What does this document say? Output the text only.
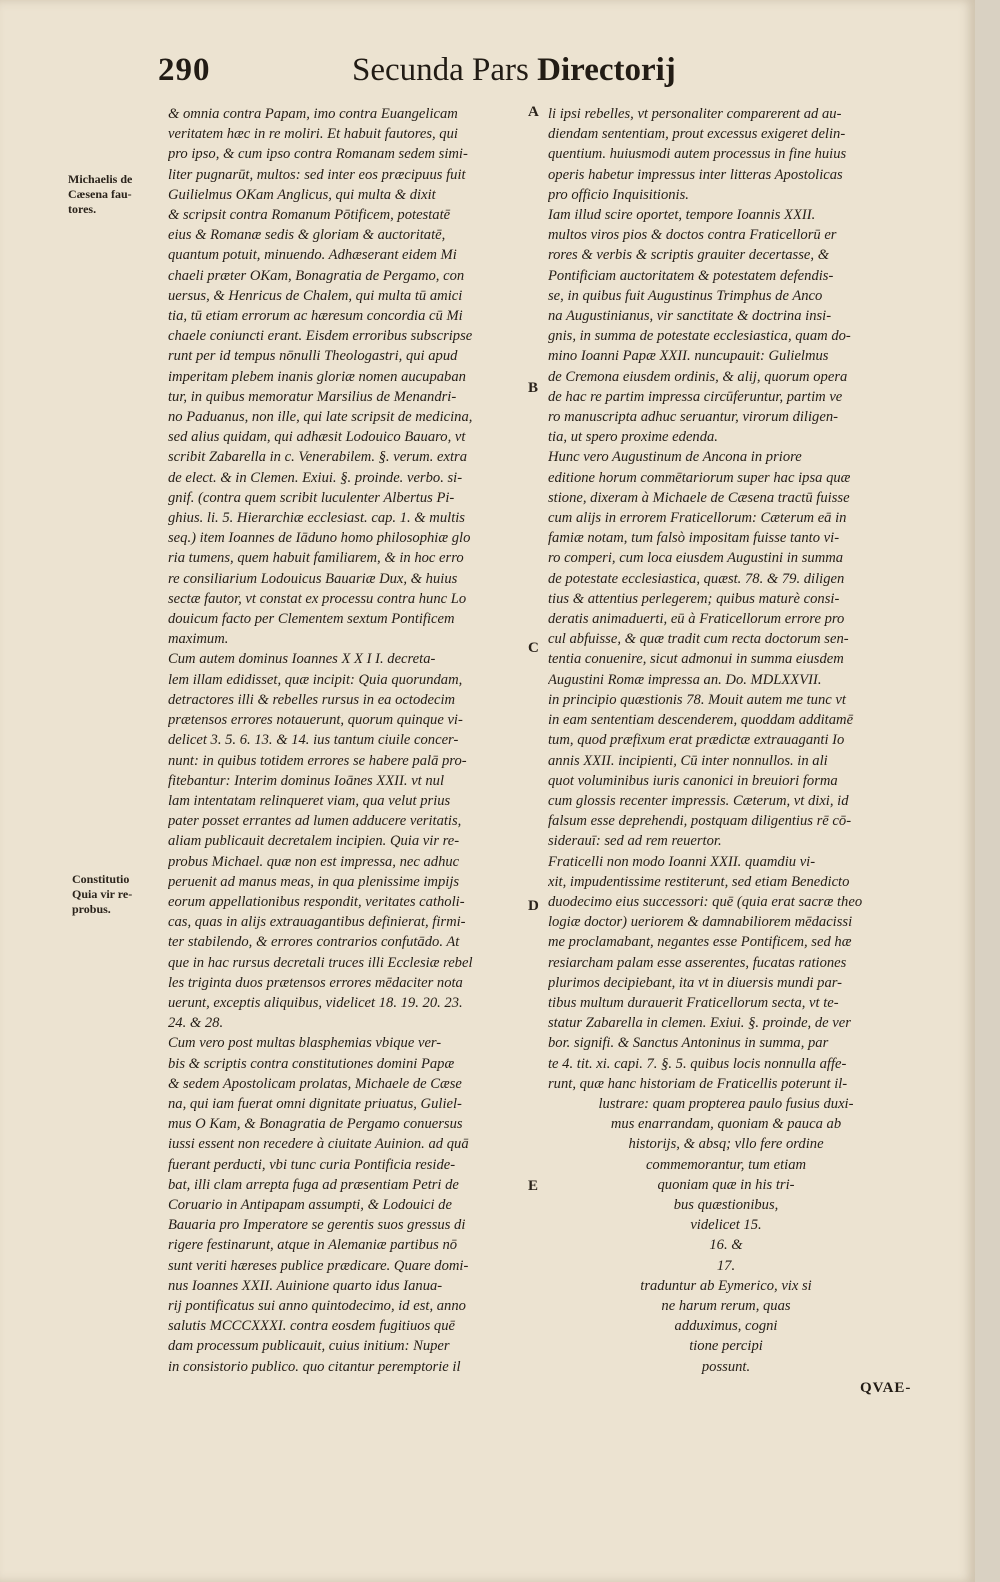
290	Secunda Pars Directorij
Michaelis de
Cæsena fau-
tores.
Constitutio
Quia vir re-
probus.
A
B
C
D
E
& omnia contra Papam, imo contra Euangelicam
veritatem hæc in re moliri. Et habuit fautores, qui
pro ipso, & cum ipso contra Romanam sedem simi-
liter pugnarūt, multos: sed inter eos præcipuus fuit
Guilielmus OKam Anglicus, qui multa & dixit
& scripsit contra Romanum Pōtificem, potestatē
eius & Romanæ sedis & gloriam & auctoritatē,
quantum potuit, minuendo. Adhæserant eidem Mi
chaeli præter OKam, Bonagratia de Pergamo, con
uersus, & Henricus de Chalem, qui multa tū amici
tia, tū etiam errorum ac hæresum concordia cū Mi
chaele coniuncti erant. Eisdem erroribus subscripse
runt per id tempus nōnulli Theologastri, qui apud
imperitam plebem inanis gloriæ nomen aucupaban
tur, in quibus memoratur Marsilius de Menandri-
no Paduanus, non ille, qui late scripsit de medicina,
sed alius quidam, qui adhæsit Lodouico Bauaro, vt
scribit Zabarella in c. Venerabilem. §. verum. extra
de elect. & in Clemen. Exiui. §. proinde. verbo. si-
gnif. (contra quem scribit luculenter Albertus Pi-
ghius. li. 5. Hierarchiæ ecclesiast. cap. 1. & multis
seq.) item Ioannes de Iāduno homo philosophiæ glo
ria tumens, quem habuit familiarem, & in hoc erro
re consiliarium Lodouicus Bauariæ Dux, & huius
sectæ fautor, vt constat ex processu contra hunc Lo
douicum facto per Clementem sextum Pontificem
maximum.
Cum autem dominus Ioannes X X I I. decreta-
lem illam edidisset, quæ incipit: Quia quorundam,
detractores illi & rebelles rursus in ea octodecim
prætensos errores notauerunt, quorum quinque vi-
delicet 3. 5. 6. 13. & 14. ius tantum ciuile concer-
nunt: in quibus totidem errores se habere palā pro-
fitebantur: Interim dominus Ioānes XXII. vt nul
lam intentatam relinqueret viam, qua velut prius
pater posset errantes ad lumen adducere veritatis,
aliam publicauit decretalem incipien. Quia vir re-
probus Michael. quæ non est impressa, nec adhuc
peruenit ad manus meas, in qua plenissime impijs
eorum appellationibus respondit, veritates catholi-
cas, quas in alijs extrauagantibus definierat, firmi-
ter stabilendo, & errores contrarios confutādo. At
que in hac rursus decretali truces illi Ecclesiæ rebel
les triginta duos prætensos errores mēdaciter nota
uerunt, exceptis aliquibus, videlicet 18. 19. 20. 23.
24. & 28.
Cum vero post multas blasphemias vbique ver-
bis & scriptis contra constitutiones domini Papæ
& sedem Apostolicam prolatas, Michaele de Cæse
na, qui iam fuerat omni dignitate priuatus, Guliel-
mus O Kam, & Bonagratia de Pergamo conuersus
iussi essent non recedere à ciuitate Auinion. ad quā
fuerant perducti, vbi tunc curia Pontificia reside-
bat, illi clam arrepta fuga ad præsentiam Petri de
Coruario in Antipapam assumpti, & Lodouici de
Bauaria pro Imperatore se gerentis suos gressus di
rigere festinarunt, atque in Alemaniæ partibus nō
sunt veriti hæreses publice prædicare. Quare domi-
nus Ioannes XXII. Auinione quarto idus Ianua-
rij pontificatus sui anno quintodecimo, id est, anno
salutis MCCCXXXI. contra eosdem fugitiuos quē
dam processum publicauit, cuius initium: Nuper
in consistorio publico. quo citantur peremptorie il
li ipsi rebelles, vt personaliter comparerent ad au-
diendam sententiam, prout excessus exigeret delin-
quentium. huiusmodi autem processus in fine huius
operis habetur impressus inter litteras Apostolicas
pro officio Inquisitionis.
Iam illud scire oportet, tempore Ioannis XXII.
multos viros pios & doctos contra Fraticellorū er
rores & verbis & scriptis grauiter decertasse, &
Pontificiam auctoritatem & potestatem defendis-
se, in quibus fuit Augustinus Trimphus de Anco
na Augustinianus, vir sanctitate & doctrina insi-
gnis, in summa de potestate ecclesiastica, quam do-
mino Ioanni Papæ XXII. nuncupauit: Gulielmus
de Cremona eiusdem ordinis, & alij, quorum opera
de hac re partim impressa circūferuntur, partim ve
ro manuscripta adhuc seruantur, virorum diligen-
tia, ut spero proxime edenda.
Hunc vero Augustinum de Ancona in priore
editione horum commētariorum super hac ipsa quæ
stione, dixeram à Michaele de Cæsena tractū fuisse
cum alijs in errorem Fraticellorum: Cæterum eā in
famiæ notam, tum falsò impositam fuisse tanto vi-
ro comperi, cum loca eiusdem Augustini in summa
de potestate ecclesiastica, quæst. 78. & 79. diligen
tius & attentius perlegerem; quibus maturè consi-
deratis animaduerti, eū à Fraticellorum errore pro
cul abfuisse, & quæ tradit cum recta doctorum sen-
tentia conuenire, sicut admonui in summa eiusdem
Augustini Romæ impressa an. Do. MDLXXVII.
in principio quæstionis 78. Mouit autem me tunc vt
in eam sententiam descenderem, quoddam additamē
tum, quod præfixum erat prædictæ extrauaganti Io
annis XXII. incipienti, Cū inter nonnullos. in ali
quot voluminibus iuris canonici in breuiori forma
cum glossis recenter impressis. Cæterum, vt dixi, id
falsum esse deprehendi, postquam diligentius rē cō-
siderauī: sed ad rem reuertor.
Fraticelli non modo Ioanni XXII. quamdiu vi-
xit, impudentissime restiterunt, sed etiam Benedicto
duodecimo eius successori: quē (quia erat sacræ theo
logiæ doctor) ueriorem & damnabiliorem mēdacissi
me proclamabant, negantes esse Pontificem, sed hæ
resiarcham palam esse asserentes, fucatas rationes
plurimos decipiebant, ita vt in diuersis mundi par-
tibus multum durauerit Fraticellorum secta, vt te-
statur Zabarella in clemen. Exiui. §. proinde, de ver
bor. signifi. & Sanctus Antoninus in summa, par
te 4. tit. xi. capi. 7. §. 5. quibus locis nonnulla affe-
runt, quæ hanc historiam de Fraticellis poterunt il-
lustrare: quam propterea paulo fusius duxi-
mus enarrandam, quoniam & pauca ab
historijs, & absq; vllo fere ordine
commemorantur, tum etiam
quoniam quæ in his tri-
bus quæstionibus,
videlicet 15.
16. &
17.
traduntur ab Eymerico, vix si
ne harum rerum, quas
adduximus, cogni
tione percipi
possunt.
QVAE-
